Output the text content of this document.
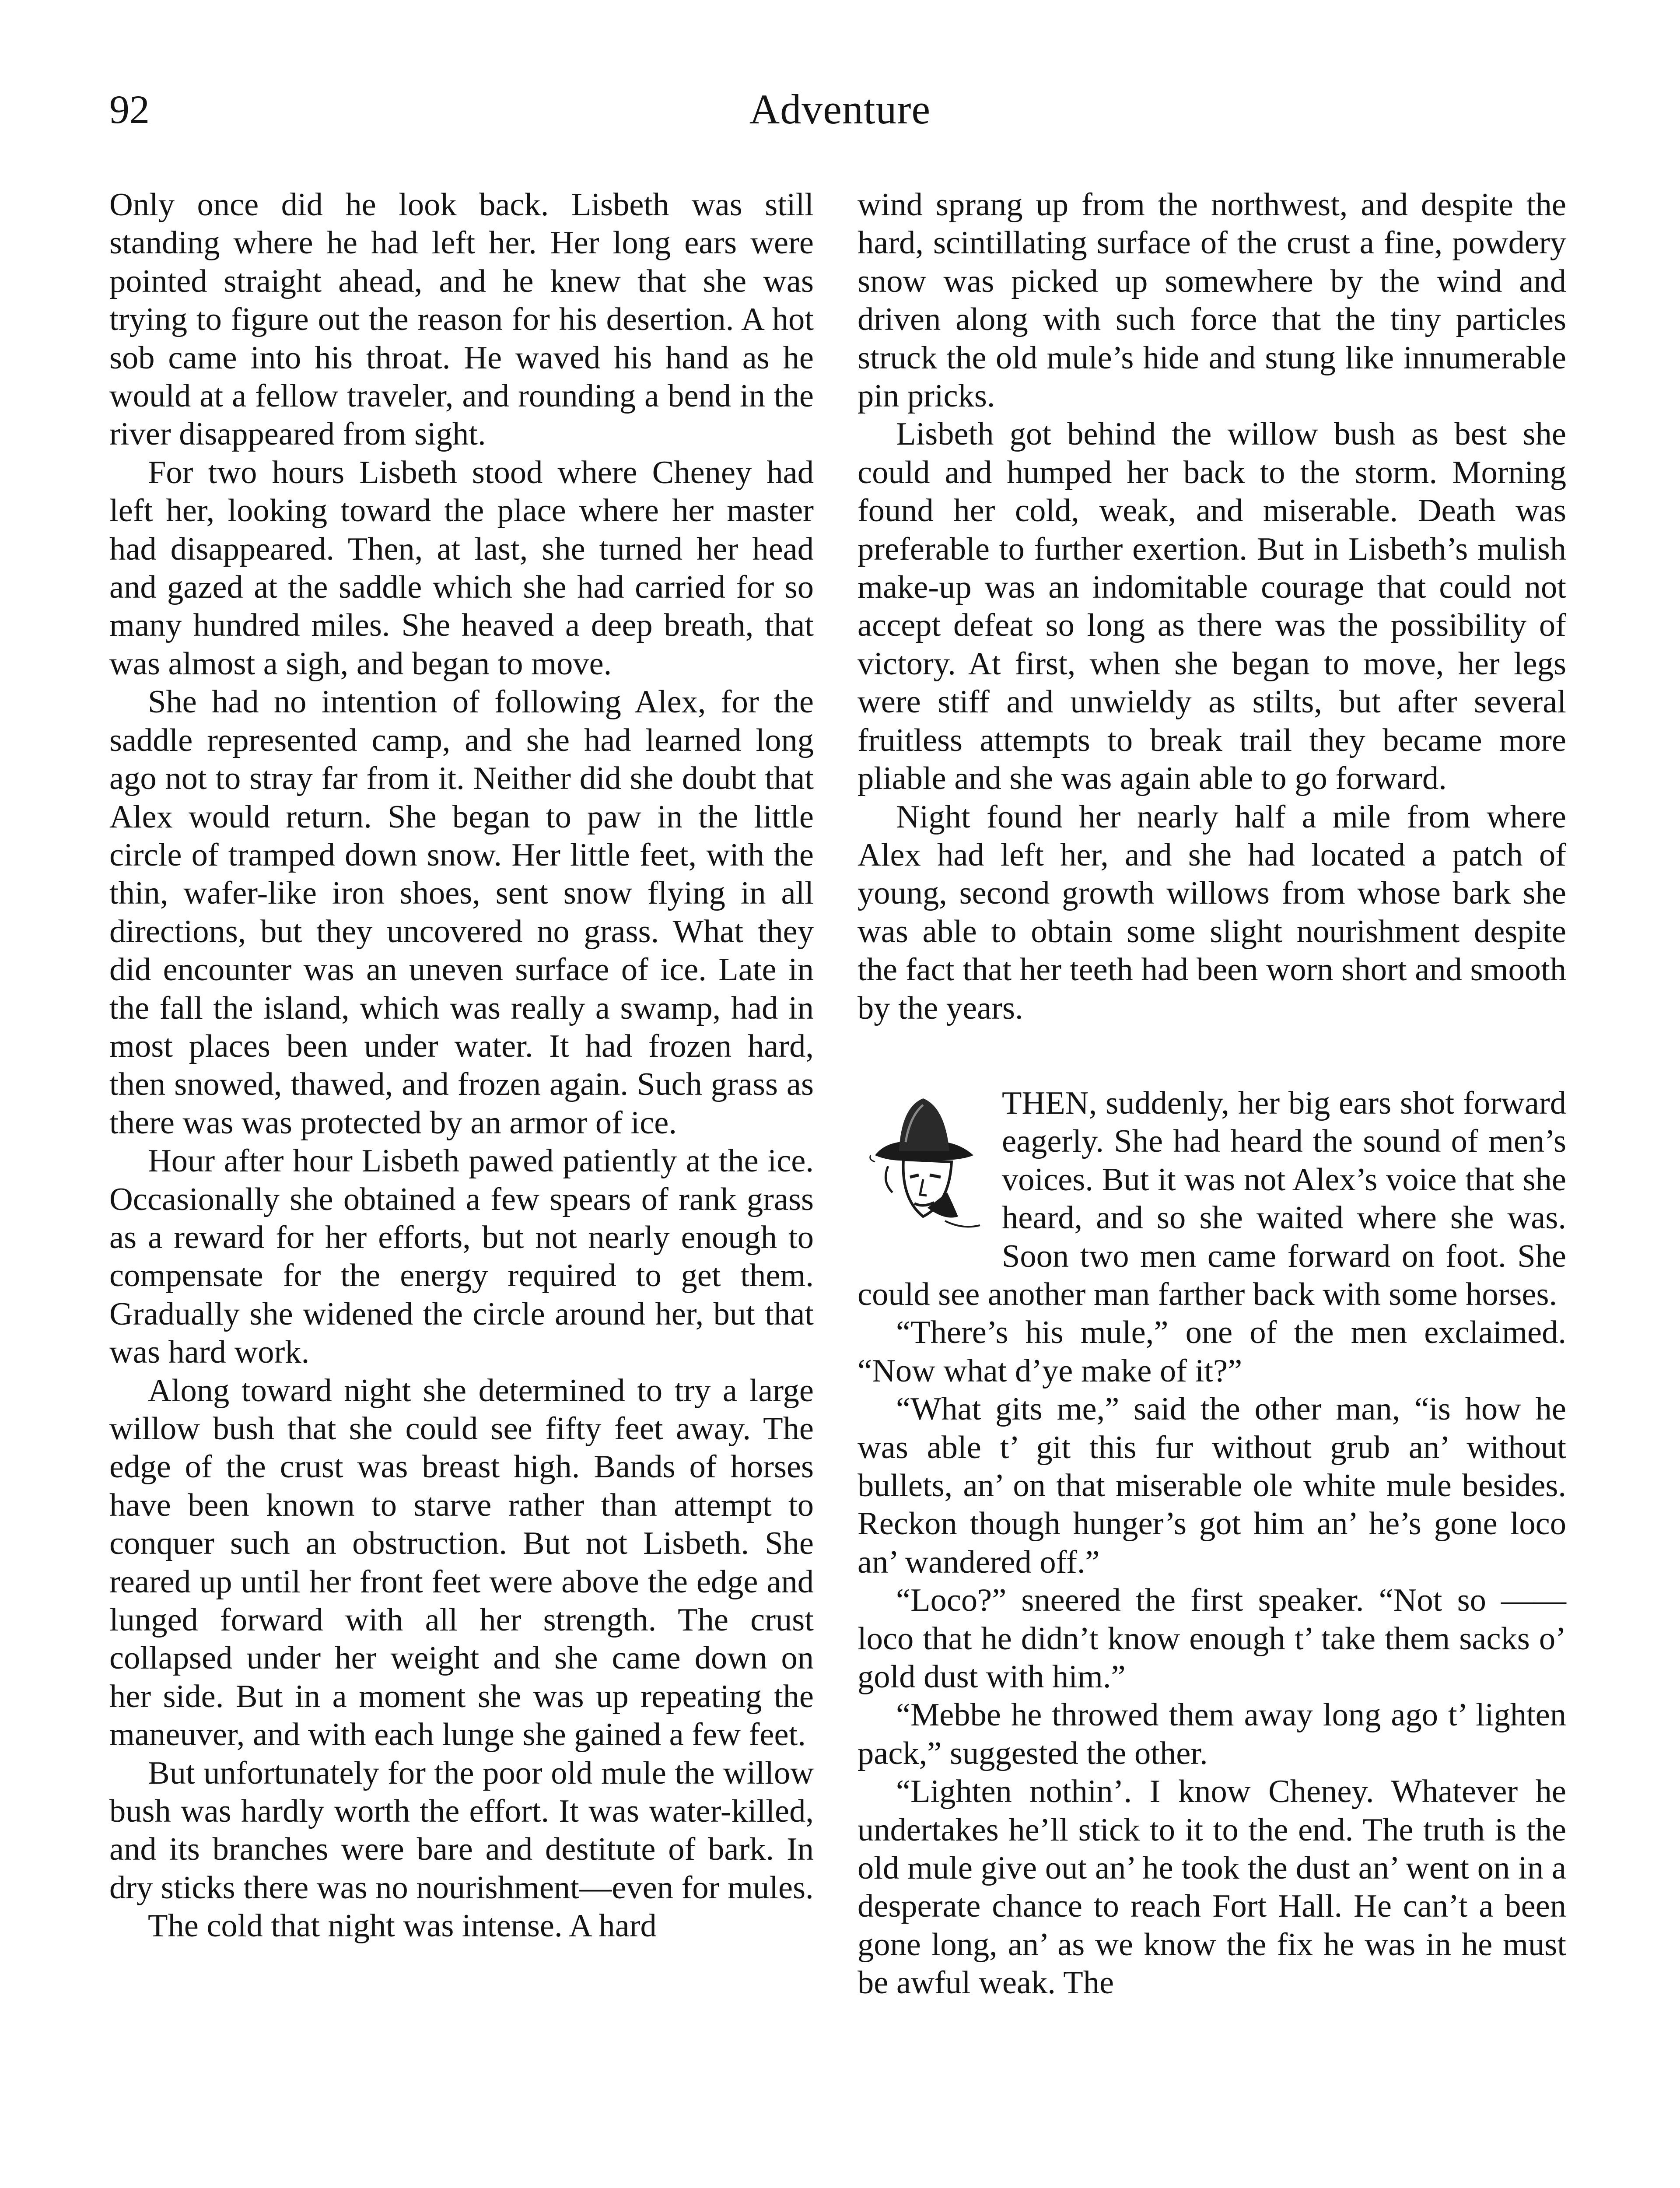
92	Adventure

Only once did he look back. Lisbeth was still standing where he had left her. Her long ears were pointed straight ahead, and he knew that she was trying to figure out the reason for his desertion. A hot sob came into his throat. He waved his hand as he would at a fellow traveler, and rounding a bend in the river disappeared from sight.

For two hours Lisbeth stood where Cheney had left her, looking toward the place where her master had disappeared. Then, at last, she turned her head and gazed at the saddle which she had carried for so many hundred miles. She heaved a deep breath, that was almost a sigh, and began to move.

She had no intention of following Alex, for the saddle represented camp, and she had learned long ago not to stray far from it. Neither did she doubt that Alex would return. She began to paw in the little circle of tramped down snow. Her little feet, with the thin, wafer-like iron shoes, sent snow flying in all directions, but they uncovered no grass. What they did encounter was an uneven surface of ice. Late in the fall the island, which was really a swamp, had in most places been under water. It had frozen hard, then snowed, thawed, and frozen again. Such grass as there was was protected by an armor of ice.

Hour after hour Lisbeth pawed patiently at the ice. Occasionally she obtained a few spears of rank grass as a reward for her efforts, but not nearly enough to compensate for the energy required to get them. Gradually she widened the circle around her, but that was hard work.

Along toward night she determined to try a large willow bush that she could see fifty feet away. The edge of the crust was breast high. Bands of horses have been known to starve rather than attempt to conquer such an obstruction. But not Lisbeth. She reared up until her front feet were above the edge and lunged forward with all her strength. The crust collapsed under her weight and she came down on her side. But in a moment she was up repeating the maneuver, and with each lunge she gained a few feet.

But unfortunately for the poor old mule the willow bush was hardly worth the effort. It was water-killed, and its branches were bare and destitute of bark. In dry sticks there was no nourishment—even for mules.

The cold that night was intense. A hard

wind sprang up from the northwest, and despite the hard, scintillating surface of the crust a fine, powdery snow was picked up somewhere by the wind and driven along with such force that the tiny particles struck the old mule’s hide and stung like innumerable pin pricks.

Lisbeth got behind the willow bush as best she could and humped her back to the storm. Morning found her cold, weak, and miserable. Death was preferable to further exertion. But in Lisbeth’s mulish make-up was an indomitable courage that could not accept defeat so long as there was the possibility of victory. At first, when she began to move, her legs were stiff and unwieldy as stilts, but after several fruitless attempts to break trail they became more pliable and she was again able to go forward.

Night found her nearly half a mile from where Alex had left her, and she had located a patch of young, second growth willows from whose bark she was able to obtain some slight nourishment despite the fact that her teeth had been worn short and smooth by the years.

THEN, suddenly, her big ears shot forward eagerly. She had heard the sound of men’s voices. But it was not Alex’s voice that she heard, and so she waited where she was. Soon two men came forward on foot. She could see another man farther back with some horses.

“There’s his mule,” one of the men exclaimed. “Now what d’ye make of it?”

“What gits me,” said the other man, “is how he was able t’ git this fur without grub an’ without bullets, an’ on that miserable ole white mule besides. Reckon though hunger’s got him an’ he’s gone loco an’ wandered off.”

“Loco?” sneered the first speaker. “Not so —— loco that he didn’t know enough t’ take them sacks o’ gold dust with him.”

“Mebbe he throwed them away long ago t’ lighten pack,” suggested the other.

“Lighten nothin’. I know Cheney. Whatever he undertakes he’ll stick to it to the end. The truth is the old mule give out an’ he took the dust an’ went on in a desperate chance to reach Fort Hall. He can’t a been gone long, an’ as we know the fix he was in he must be awful weak. The
